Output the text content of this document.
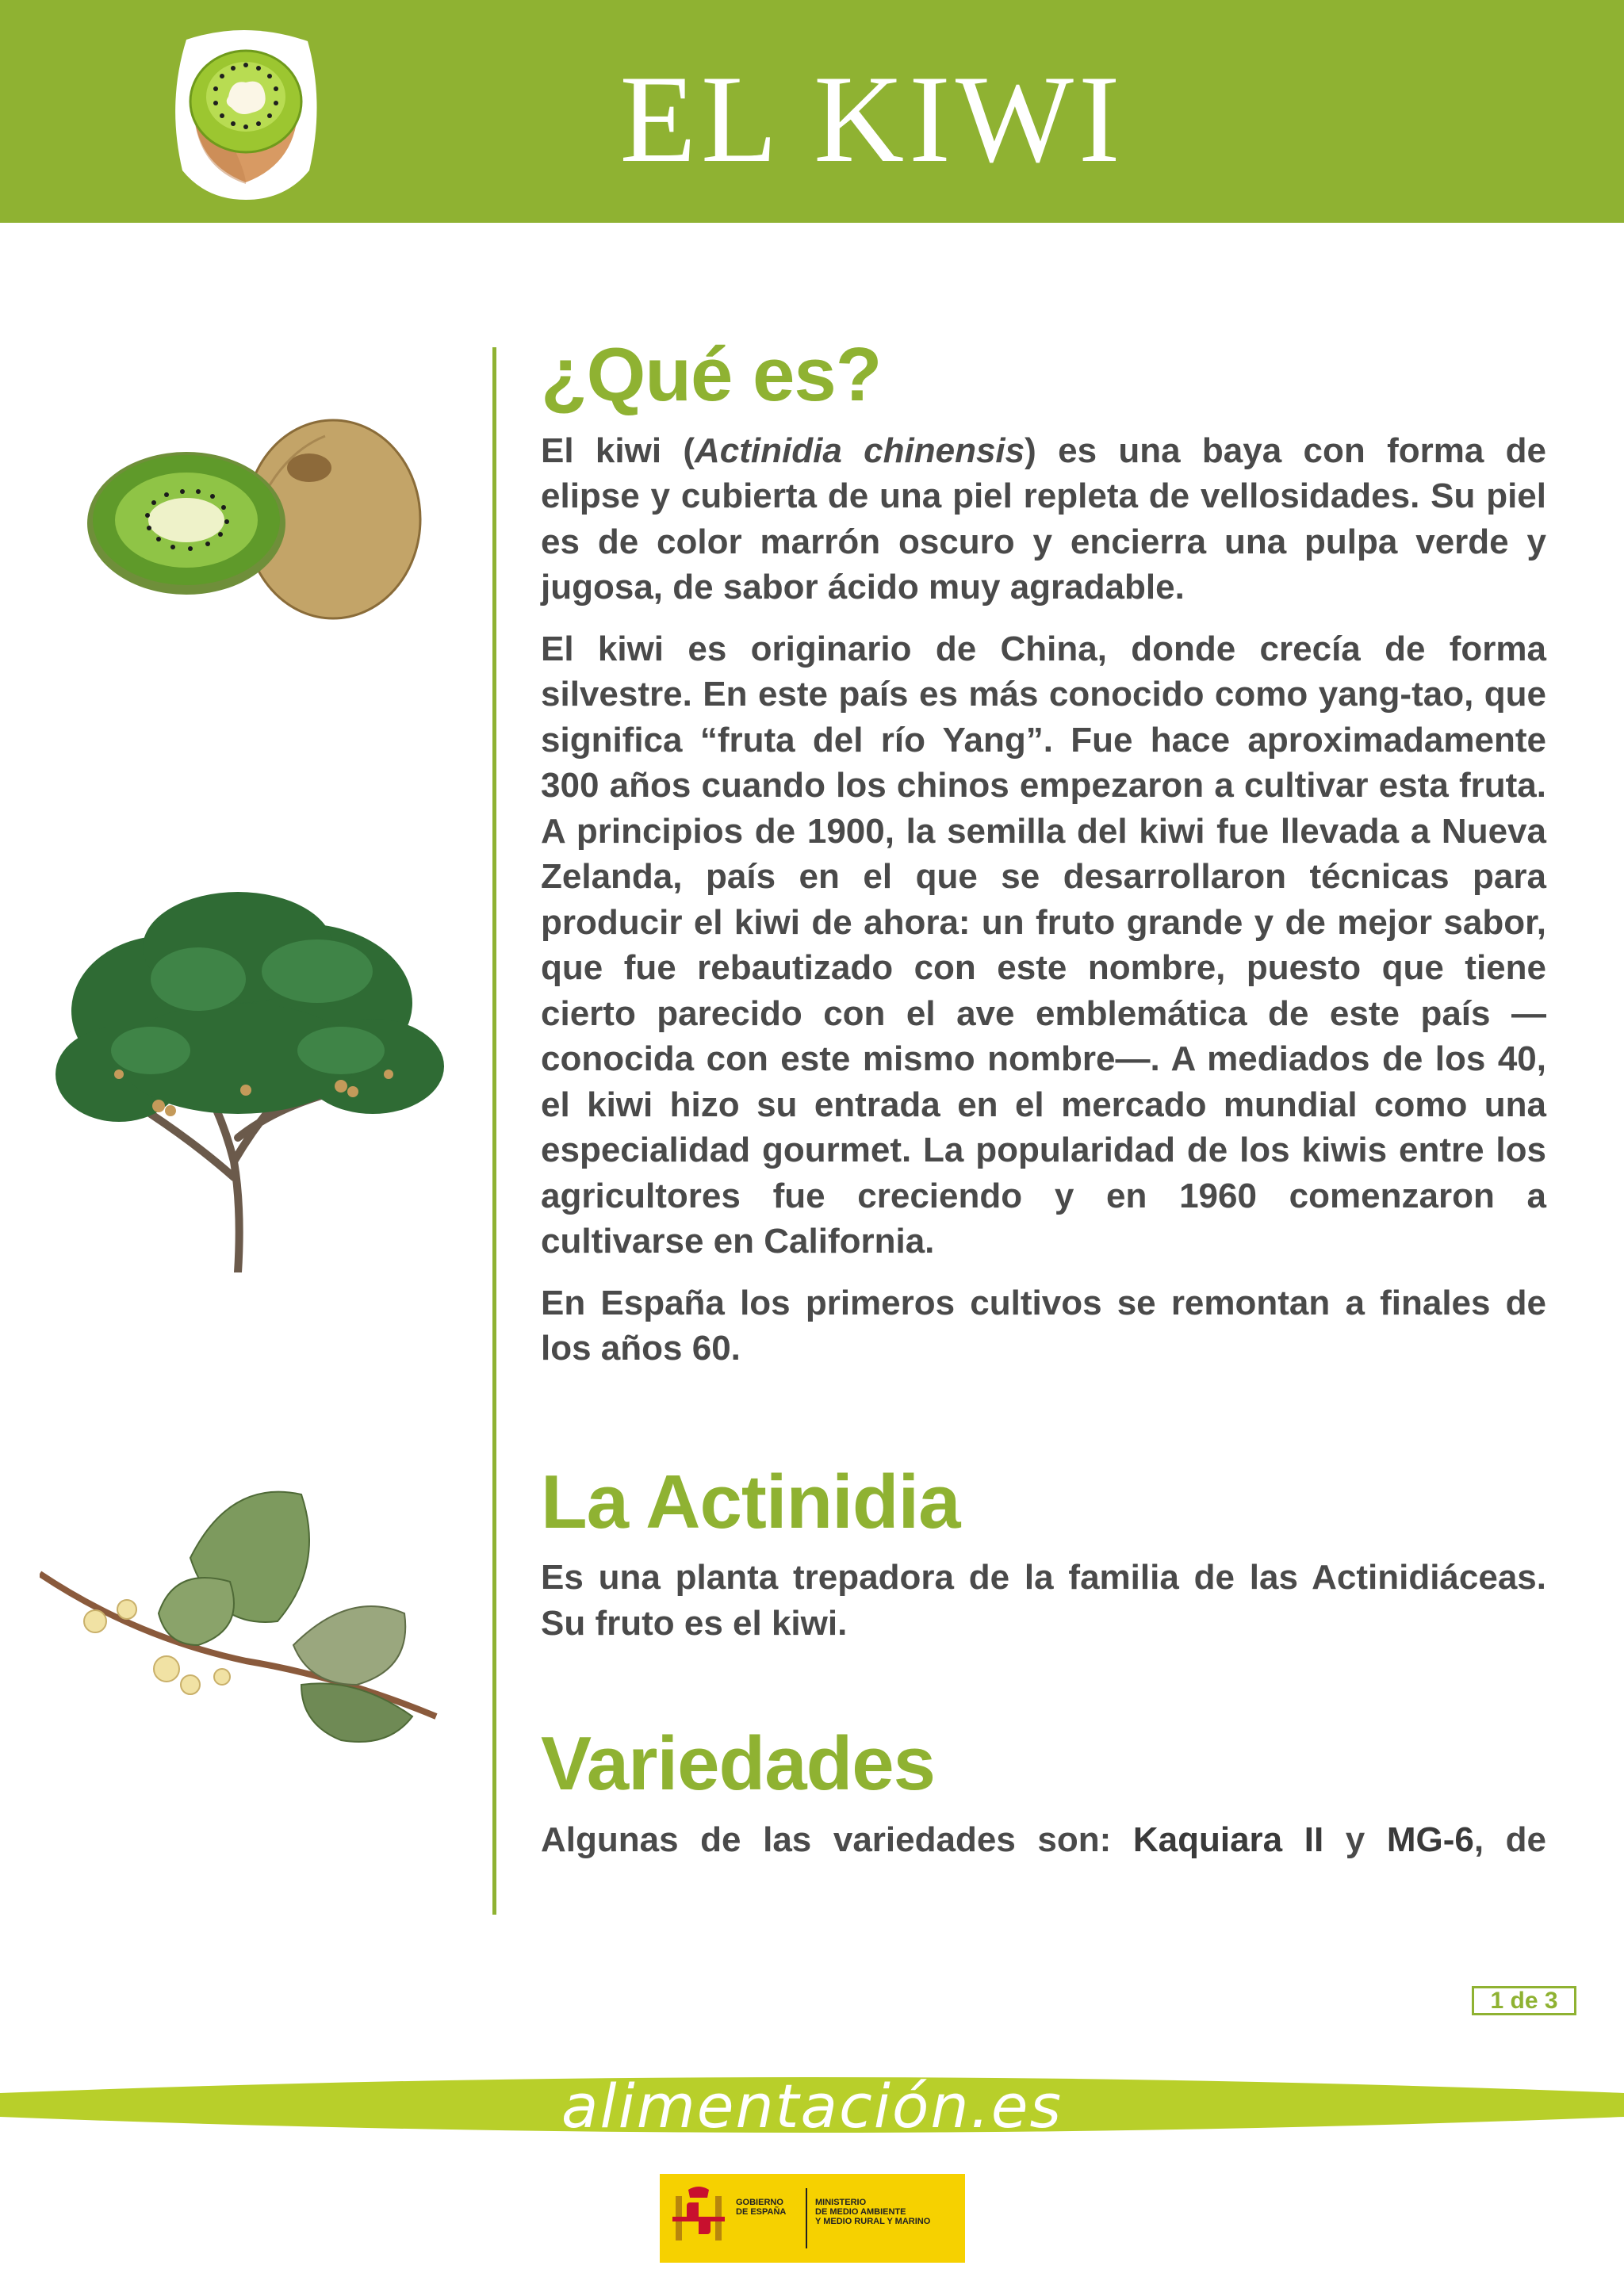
EL KIWI
¿Qué es?

El kiwi (Actinidia chinensis) es una baya con forma de elipse y cubierta de una piel repleta de vellosidades. Su piel es de color marrón oscuro y encierra una pulpa verde y jugosa, de sabor ácido muy agradable.

El kiwi es originario de China, donde crecía de forma silvestre. En este país es más conocido como yang-tao, que significa “fruta del río Yang”. Fue hace aproximadamente 300 años cuando los chinos empezaron a cultivar esta fruta. A principios de 1900, la semilla del kiwi fue llevada a Nueva Zelanda, país en el que se desarrollaron técnicas para producir el kiwi de ahora: un fruto grande y de mejor sabor, que fue rebautizado con este nombre, puesto que tiene cierto parecido con el ave emblemática de este país —conocida con este mismo nombre—. A mediados de los 40, el kiwi hizo su entrada en el mercado mundial como una especialidad gourmet. La popularidad de los kiwis entre los agricultores fue creciendo y en 1960 comenzaron a cultivarse en California.

En España los primeros cultivos se remontan a finales de los años 60.

La Actinidia

Es una planta trepadora de la familia de las Actinidiáceas. Su fruto es el kiwi.

Variedades

Algunas de las variedades son: Kaquiara II y MG-6, de

1 de 3
alimentación.es
GOBIERNO
DE ESPAÑA
MINISTERIO
DE MEDIO AMBIENTE
Y MEDIO RURAL Y MARINO
